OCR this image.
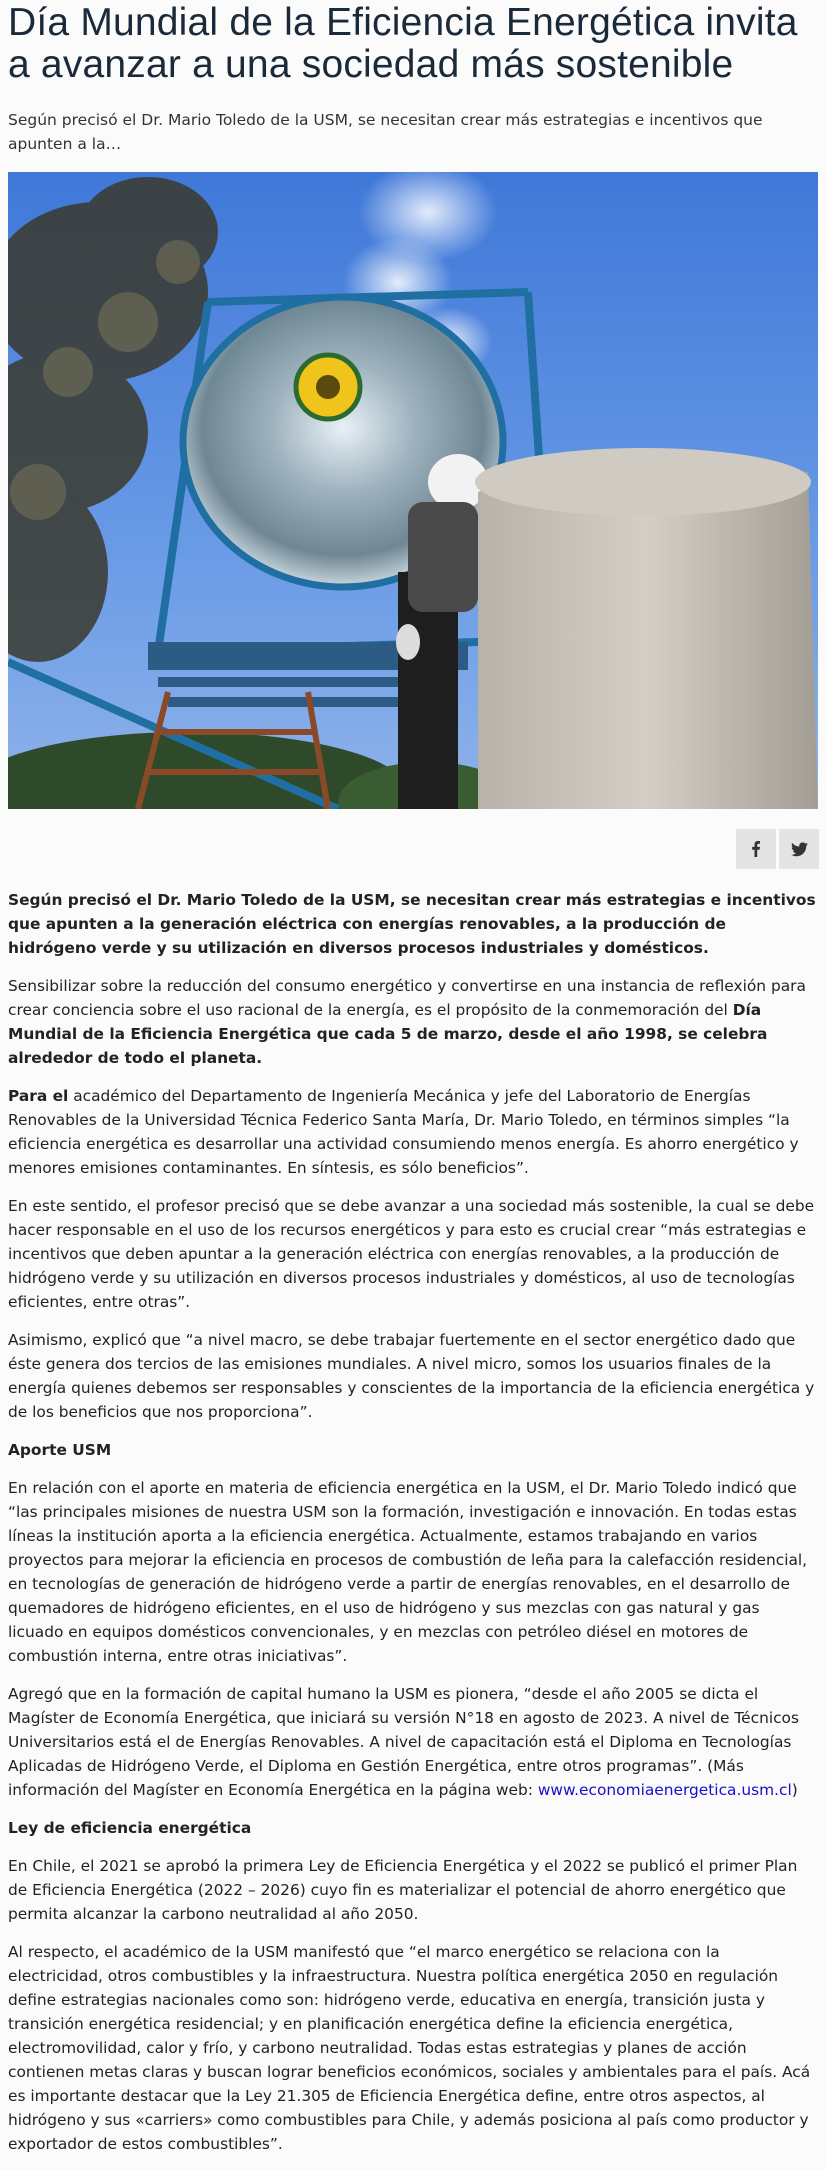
Día Mundial de la Eficiencia Energética invita a avanzar a una sociedad más sostenible
Según precisó el Dr. Mario Toledo de la USM, se necesitan crear más estrategias e incentivos que apunten a la…

Según precisó el Dr. Mario Toledo de la USM, se necesitan crear más estrategias e incentivos que apunten a la generación eléctrica con energías renovables, a la producción de hidrógeno verde y su utilización en diversos procesos industriales y domésticos.

Sensibilizar sobre la reducción del consumo energético y convertirse en una instancia de reflexión para crear conciencia sobre el uso racional de la energía, es el propósito de la conmemoración del Día Mundial de la Eficiencia Energética que cada 5 de marzo, desde el año 1998, se celebra alrededor de todo el planeta.

Para el académico del Departamento de Ingeniería Mecánica y jefe del Laboratorio de Energías Renovables de la Universidad Técnica Federico Santa María, Dr. Mario Toledo, en términos simples “la eficiencia energética es desarrollar una actividad consumiendo menos energía. Es ahorro energético y menores emisiones contaminantes. En síntesis, es sólo beneficios”.

En este sentido, el profesor precisó que se debe avanzar a una sociedad más sostenible, la cual se debe hacer responsable en el uso de los recursos energéticos y para esto es crucial crear “más estrategias e incentivos que deben apuntar a la generación eléctrica con energías renovables, a la producción de hidrógeno verde y su utilización en diversos procesos industriales y domésticos, al uso de tecnologías eficientes, entre otras”.

Asimismo, explicó que “a nivel macro, se debe trabajar fuertemente en el sector energético dado que éste genera dos tercios de las emisiones mundiales. A nivel micro, somos los usuarios finales de la energía quienes debemos ser responsables y conscientes de la importancia de la eficiencia energética y de los beneficios que nos proporciona”.

Aporte USM

En relación con el aporte en materia de eficiencia energética en la USM, el Dr. Mario Toledo indicó que “las principales misiones de nuestra USM son la formación, investigación e innovación. En todas estas líneas la institución aporta a la eficiencia energética. Actualmente, estamos trabajando en varios proyectos para mejorar la eficiencia en procesos de combustión de leña para la calefacción residencial, en tecnologías de generación de hidrógeno verde a partir de energías renovables, en el desarrollo de quemadores de hidrógeno eficientes, en el uso de hidrógeno y sus mezclas con gas natural y gas licuado en equipos domésticos convencionales, y en mezclas con petróleo diésel en motores de combustión interna, entre otras iniciativas”.

Agregó que en la formación de capital humano la USM es pionera, “desde el año 2005 se dicta el Magíster de Economía Energética, que iniciará su versión N°18 en agosto de 2023. A nivel de Técnicos Universitarios está el de Energías Renovables. A nivel de capacitación está el Diploma en Tecnologías Aplicadas de Hidrógeno Verde, el Diploma en Gestión Energética, entre otros programas”. (Más información del Magíster en Economía Energética en la página web: www.economiaenergetica.usm.cl)

Ley de eficiencia energética

En Chile, el 2021 se aprobó la primera Ley de Eficiencia Energética y el 2022 se publicó el primer Plan de Eficiencia Energética (2022 – 2026) cuyo fin es materializar el potencial de ahorro energético que permita alcanzar la carbono neutralidad al año 2050.

Al respecto, el académico de la USM manifestó que “el marco energético se relaciona con la electricidad, otros combustibles y la infraestructura. Nuestra política energética 2050 en regulación define estrategias nacionales como son: hidrógeno verde, educativa en energía, transición justa y transición energética residencial; y en planificación energética define la eficiencia energética, electromovilidad, calor y frío, y carbono neutralidad. Todas estas estrategias y planes de acción contienen metas claras y buscan lograr beneficios económicos, sociales y ambientales para el país. Acá es importante destacar que la Ley 21.305 de Eficiencia Energética define, entre otros aspectos, al hidrógeno y sus «carriers» como combustibles para Chile, y además posiciona al país como productor y exportador de estos combustibles”.
